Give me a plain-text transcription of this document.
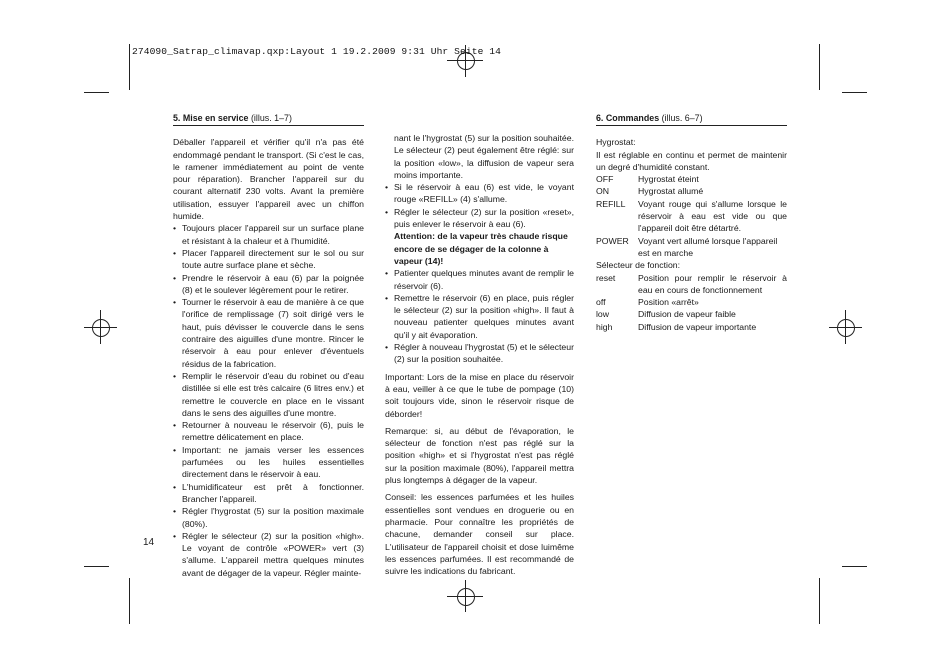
274090_Satrap_climavap.qxp:Layout 1 19.2.2009 9:31 Uhr Seite 14
5. Mise en service (illus. 1–7)

Déballer l'appareil et vérifier qu'il n'a pas été endommagé pendant le transport. (Si c'est le cas, le ramener immédiatement au point de vente pour réparation). Brancher l'appareil sur du courant alternatif 230 volts. Avant la première utilisation, essuyer l'appareil avec un chiffon humide.

• Toujours placer l'appareil sur un surface plane et résistant à la chaleur et à l'humidité.

• Placer l'appareil directement sur le sol ou sur toute autre surface plane et sèche.

• Prendre le réservoir à eau (6) par la poignée (8) et le soulever légèrement pour le retirer.

• Tourner le réservoir à eau de manière à ce que l'orifice de remplissage (7) soit dirigé vers le haut, puis dévisser le couvercle dans le sens contraire des aiguilles d'une montre. Rincer le réservoir à eau pour enlever d'éventuels résidus de la fabrication.

• Remplir le réservoir d'eau du robinet ou d'eau distillée si elle est très calcaire (6 litres env.) et remettre le couvercle en place en le vissant dans le sens des aiguilles d'une montre.

• Retourner à nouveau le réservoir (6), puis le remettre délicatement en place.

• Important: ne jamais verser les essences parfumées ou les huiles essentielles directement dans le réservoir à eau.

• L'humidificateur est prêt à fonctionner. Brancher l'appareil.

• Régler l'hygrostat (5) sur la position maximale (80%).

• Régler le sélecteur (2) sur la position «high». Le voyant de contrôle «POWER» vert (3) s'allume. L'appareil mettra quelques minutes avant de dégager de la vapeur. Régler mainte-

nant le l'hygrostat (5) sur la position souhaitée. Le sélecteur (2) peut également être réglé: sur la position «low», la diffusion de vapeur sera moins importante.

• Si le réservoir à eau (6) est vide, le voyant rouge «REFILL» (4) s'allume.

• Régler le sélecteur (2) sur la position «reset», puis enlever le réservoir à eau (6).

Attention: de la vapeur très chaude risque encore de se dégager de la colonne à vapeur (14)!

• Patienter quelques minutes avant de remplir le réservoir (6).

• Remettre le réservoir (6) en place, puis régler le sélecteur (2) sur la position «high». Il faut à nouveau patienter quelques minutes avant qu'il y ait évaporation.

• Régler à nouveau l'hygrostat (5) et le sélecteur (2) sur la position souhaitée.

Important: Lors de la mise en place du réservoir à eau, veiller à ce que le tube de pompage (10) soit toujours vide, sinon le réservoir risque de déborder!

Remarque: si, au début de l'évaporation, le sélecteur de fonction n'est pas réglé sur la position «high» et si l'hygrostat n'est pas réglé sur la position maximale (80%), l'appareil mettra plus longtemps à dégager de la vapeur.

Conseil: les essences parfumées et les huiles essentielles sont vendues en droguerie ou en pharmacie. Pour connaître les propriétés de chacune, demander conseil sur place. L'utilisateur de l'appareil choisit et dose luimême les essences parfumées. Il est recommandé de suivre les indications du fabricant.

6. Commandes (illus. 6–7)

Hygrostat:

Il est réglable en continu et permet de maintenir un degré d'humidité constant.

OFF	Hygrostat éteint
ON	Hygrostat allumé
REFILL	Voyant rouge qui s'allume lorsque le réservoir à eau est vide ou que l'appareil doit être détartré.
POWER	Voyant vert allumé lorsque l'appareil est en marche

Sélecteur de fonction:

reset	Position pour remplir le réservoir à eau en cours de fonctionnement
off	Position «arrêt»
low	Diffusion de vapeur faible
high	Diffusion de vapeur importante
14
